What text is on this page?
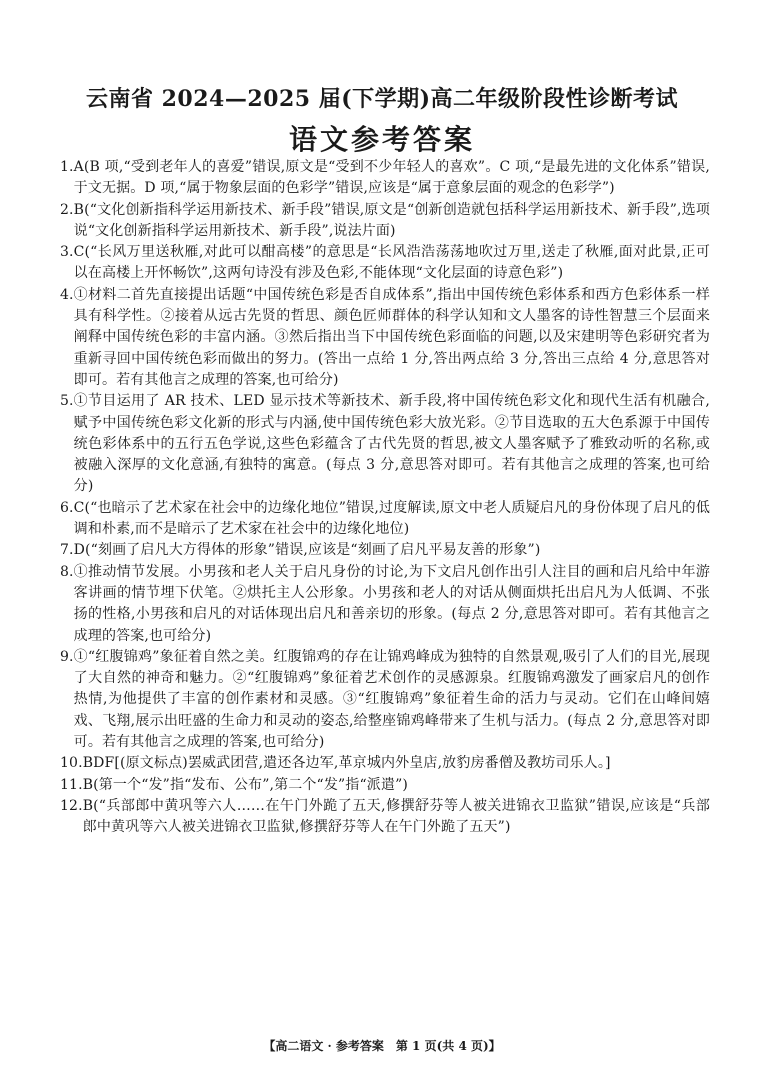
云南省 2024—2025 届(下学期)高二年级阶段性诊断考试
语文参考答案
1. A(B 项,“受到老年人的喜爱”错误,原文是“受到不少年轻人的喜欢”。C 项,“是最先进的文化体系”错误,于文无据。D 项,“属于物象层面的色彩学”错误,应该是“属于意象层面的观念的色彩学”)
2. B(“文化创新指科学运用新技术、新手段”错误,原文是“创新创造就包括科学运用新技术、新手段”,选项说“文化创新指科学运用新技术、新手段”,说法片面)
3. C(“长风万里送秋雁,对此可以酣高楼”的意思是“长风浩浩荡荡地吹过万里,送走了秋雁,面对此景,正可以在高楼上开怀畅饮”,这两句诗没有涉及色彩,不能体现“文化层面的诗意色彩”)
4. ①材料二首先直接提出话题“中国传统色彩是否自成体系”,指出中国传统色彩体系和西方色彩体系一样具有科学性。②接着从远古先贤的哲思、颜色匠师群体的科学认知和文人墨客的诗性智慧三个层面来阐释中国传统色彩的丰富内涵。③然后指出当下中国传统色彩面临的问题,以及宋建明等色彩研究者为重新寻回中国传统色彩而做出的努力。(答出一点给 1 分,答出两点给 3 分,答出三点给 4 分,意思答对即可。若有其他言之成理的答案,也可给分)
5. ①节目运用了 AR 技术、LED 显示技术等新技术、新手段,将中国传统色彩文化和现代生活有机融合,赋予中国传统色彩文化新的形式与内涵,使中国传统色彩大放光彩。②节目选取的五大色系源于中国传统色彩体系中的五行五色学说,这些色彩蕴含了古代先贤的哲思,被文人墨客赋予了雅致动听的名称,或被融入深厚的文化意涵,有独特的寓意。(每点 3 分,意思答对即可。若有其他言之成理的答案,也可给分)
6. C(“也暗示了艺术家在社会中的边缘化地位”错误,过度解读,原文中老人质疑启凡的身份体现了启凡的低调和朴素,而不是暗示了艺术家在社会中的边缘化地位)
7. D(“刻画了启凡大方得体的形象”错误,应该是“刻画了启凡平易友善的形象”)
8. ①推动情节发展。小男孩和老人关于启凡身份的讨论,为下文启凡创作出引人注目的画和启凡给中年游客讲画的情节埋下伏笔。②烘托主人公形象。小男孩和老人的对话从侧面烘托出启凡为人低调、不张扬的性格,小男孩和启凡的对话体现出启凡和善亲切的形象。(每点 2 分,意思答对即可。若有其他言之成理的答案,也可给分)
9. ①“红腹锦鸡”象征着自然之美。红腹锦鸡的存在让锦鸡峰成为独特的自然景观,吸引了人们的目光,展现了大自然的神奇和魅力。②“红腹锦鸡”象征着艺术创作的灵感源泉。红腹锦鸡激发了画家启凡的创作热情,为他提供了丰富的创作素材和灵感。③“红腹锦鸡”象征着生命的活力与灵动。它们在山峰间嬉戏、飞翔,展示出旺盛的生命力和灵动的姿态,给整座锦鸡峰带来了生机与活力。(每点 2 分,意思答对即可。若有其他言之成理的答案,也可给分)
10. BDF[(原文标点)罢威武团营,遣还各边军,革京城内外皇店,放豹房番僧及教坊司乐人。]
11. B(第一个“发”指“发布、公布”,第二个“发”指“派遣”)
12. B(“兵部郎中黄巩等六人……在午门外跪了五天,修撰舒芬等人被关进锦衣卫监狱”错误,应该是“兵部郎中黄巩等六人被关进锦衣卫监狱,修撰舒芬等人在午门外跪了五天”)
【高二语文 · 参考答案　第 1 页(共 4 页)】
